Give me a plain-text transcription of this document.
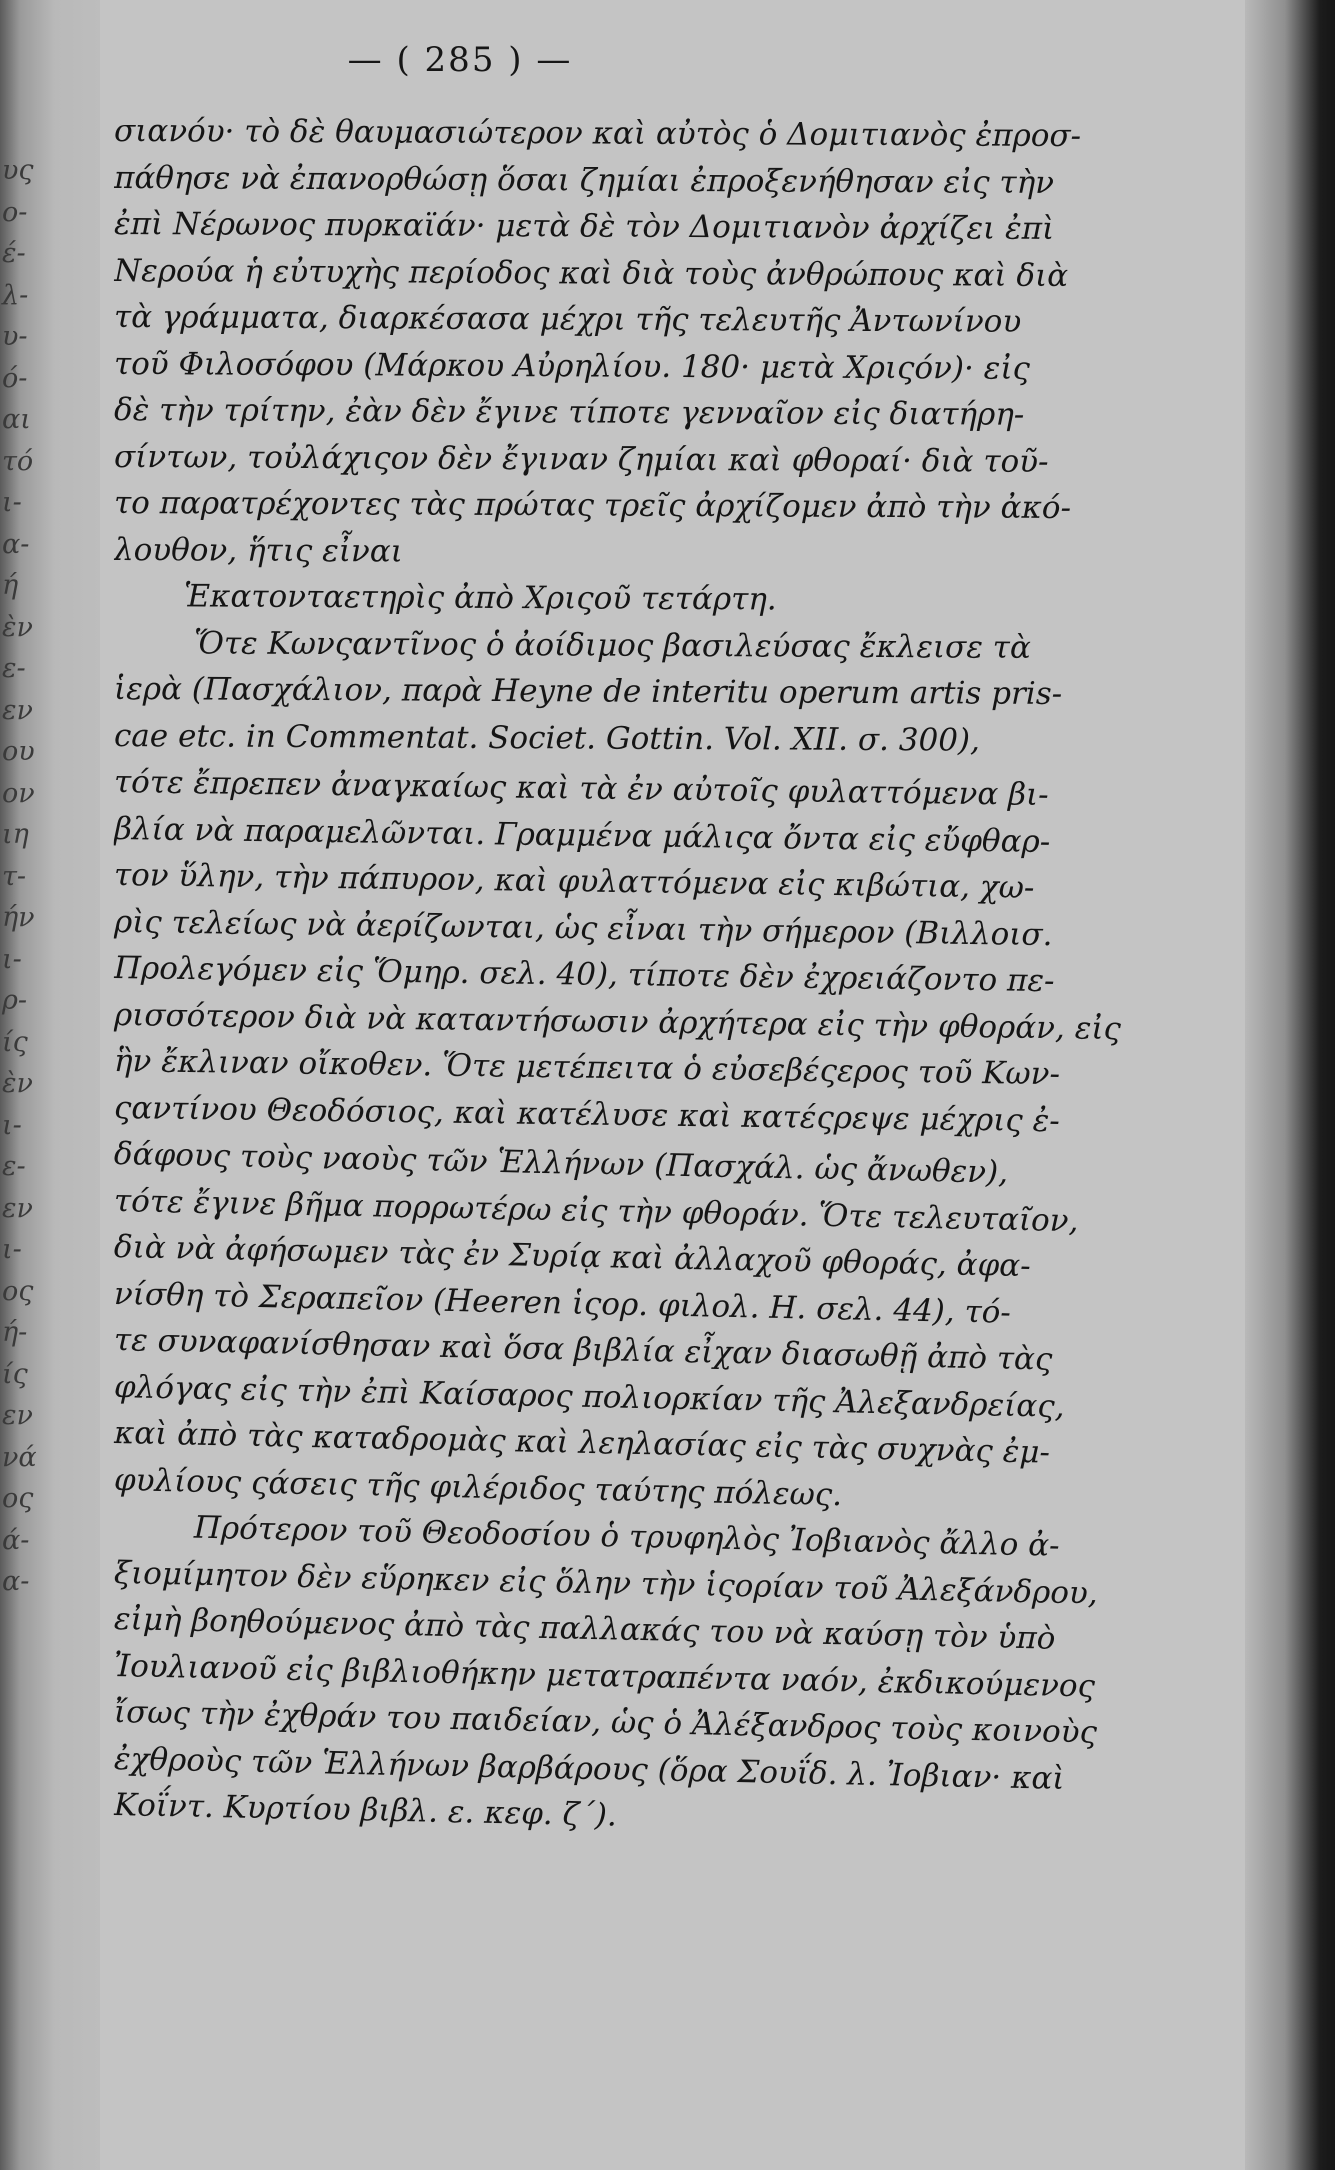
υς
ο-
έ-
λ-
υ-
ό-
αι
τό
ι-
α-
ή
ὲν
ε-
εν
ου
ον
ιη
τ-
ήν
ι-
ρ-
ίς
ὲν
ι-
ε-
εν
ι-
ος
ή-
ίς
εν
νά
ος
ά-
α-
— ( 285 ) —
σιανόυ· τὸ δὲ θαυμασιώτερον καὶ αὐτὸς ὁ Δομιτιανὸς ἐπροσ-
πάθησε νὰ ἐπανορθώσῃ ὅσαι ζημίαι ἐπροξενήθησαν εἰς τὴν
ἐπὶ Νέρωνος πυρκαϊάν· μετὰ δὲ τὸν Δομιτιανὸν ἀρχίζει ἐπὶ
Νερούα ἡ εὐτυχὴς περίοδος καὶ διὰ τοὺς ἀνθρώπους καὶ διὰ
τὰ γράμματα, διαρκέσασα μέχρι τῆς τελευτῆς Ἀντωνίνου
τοῦ Φιλοσόφου (Μάρκου Αὐρηλίου. 180· μετὰ Χριςόν)· εἰς
δὲ τὴν τρίτην, ἐὰν δὲν ἔγινε τίποτε γενναῖον εἰς διατήρη-
σίντων, τοὐλάχιςον δὲν ἔγιναν ζημίαι καὶ φθοραί· διὰ τοῦ-
το παρατρέχοντες τὰς πρώτας τρεῖς ἀρχίζομεν ἀπὸ τὴν ἀκό-
λουθον, ἥτις εἶναι
Ἑκατονταετηρὶς ἀπὸ Χριςοῦ τετάρτη.
Ὅτε Κωνςαντῖνος ὁ ἀοίδιμος βασιλεύσας ἔκλεισε τὰ
ἱερὰ (Πασχάλιον, παρὰ Heyne de interitu operum artis pris-
cae etc. in Commentat. Societ. Gottin. Vol. XII. σ. 300),
τότε ἔπρεπεν ἀναγκαίως καὶ τὰ ἐν αὐτοῖς φυλαττόμενα βι-
βλία νὰ παραμελῶνται. Γραμμένα μάλιςα ὄντα εἰς εὔφθαρ-
τον ὕλην, τὴν πάπυρον, καὶ φυλαττόμενα εἰς κιβώτια, χω-
ρὶς τελείως νὰ ἀερίζωνται, ὡς εἶναι τὴν σήμερον (Βιλλοισ.
Προλεγόμεν εἰς Ὅμηρ. σελ. 40), τίποτε δὲν ἐχρειάζοντο πε-
ρισσότερον διὰ νὰ καταντήσωσιν ἀρχήτερα εἰς τὴν φθοράν, εἰς
ἣν ἔκλιναν οἴκοθεν. Ὅτε μετέπειτα ὁ εὐσεβέςερος τοῦ Κων-
ςαντίνου Θεοδόσιος, καὶ κατέλυσε καὶ κατέςρεψε μέχρις ἐ-
δάφους τοὺς ναοὺς τῶν Ἑλλήνων (Πασχάλ. ὡς ἄνωθεν),
τότε ἔγινε βῆμα πορρωτέρω εἰς τὴν φθοράν. Ὅτε τελευταῖον,
διὰ νὰ ἀφήσωμεν τὰς ἐν Συρίᾳ καὶ ἀλλαχοῦ φθοράς, ἀφα-
νίσθη τὸ Σεραπεῖον (Heeren ἱςορ. φιλολ. Η. σελ. 44), τό-
τε συναφανίσθησαν καὶ ὅσα βιβλία εἶχαν διασωθῇ ἀπὸ τὰς
φλόγας εἰς τὴν ἐπὶ Καίσαρος πολιορκίαν τῆς Ἀλεξανδρείας,
καὶ ἀπὸ τὰς καταδρομὰς καὶ λεηλασίας εἰς τὰς συχνὰς ἐμ-
φυλίους ςάσεις τῆς φιλέριδος ταύτης πόλεως.
Πρότερον τοῦ Θεοδοσίου ὁ τρυφηλὸς Ἰοβιανὸς ἄλλο ἀ-
ξιομίμητον δὲν εὕρηκεν εἰς ὅλην τὴν ἱςορίαν τοῦ Ἀλεξάνδρου,
εἰμὴ βοηθούμενος ἀπὸ τὰς παλλακάς του νὰ καύσῃ τὸν ὑπὸ
Ἰουλιανοῦ εἰς βιβλιοθήκην μετατραπέντα ναόν, ἐκδικούμενος
ἴσως τὴν ἐχθράν του παιδείαν, ὡς ὁ Ἀλέξανδρος τοὺς κοινοὺς
ἐχθροὺς τῶν Ἑλλήνων βαρβάρους (ὅρα Σουΐδ. λ. Ἰοβιαν· καὶ
Κοΐντ. Κυρτίου βιβλ. ε. κεφ. ζ΄).
